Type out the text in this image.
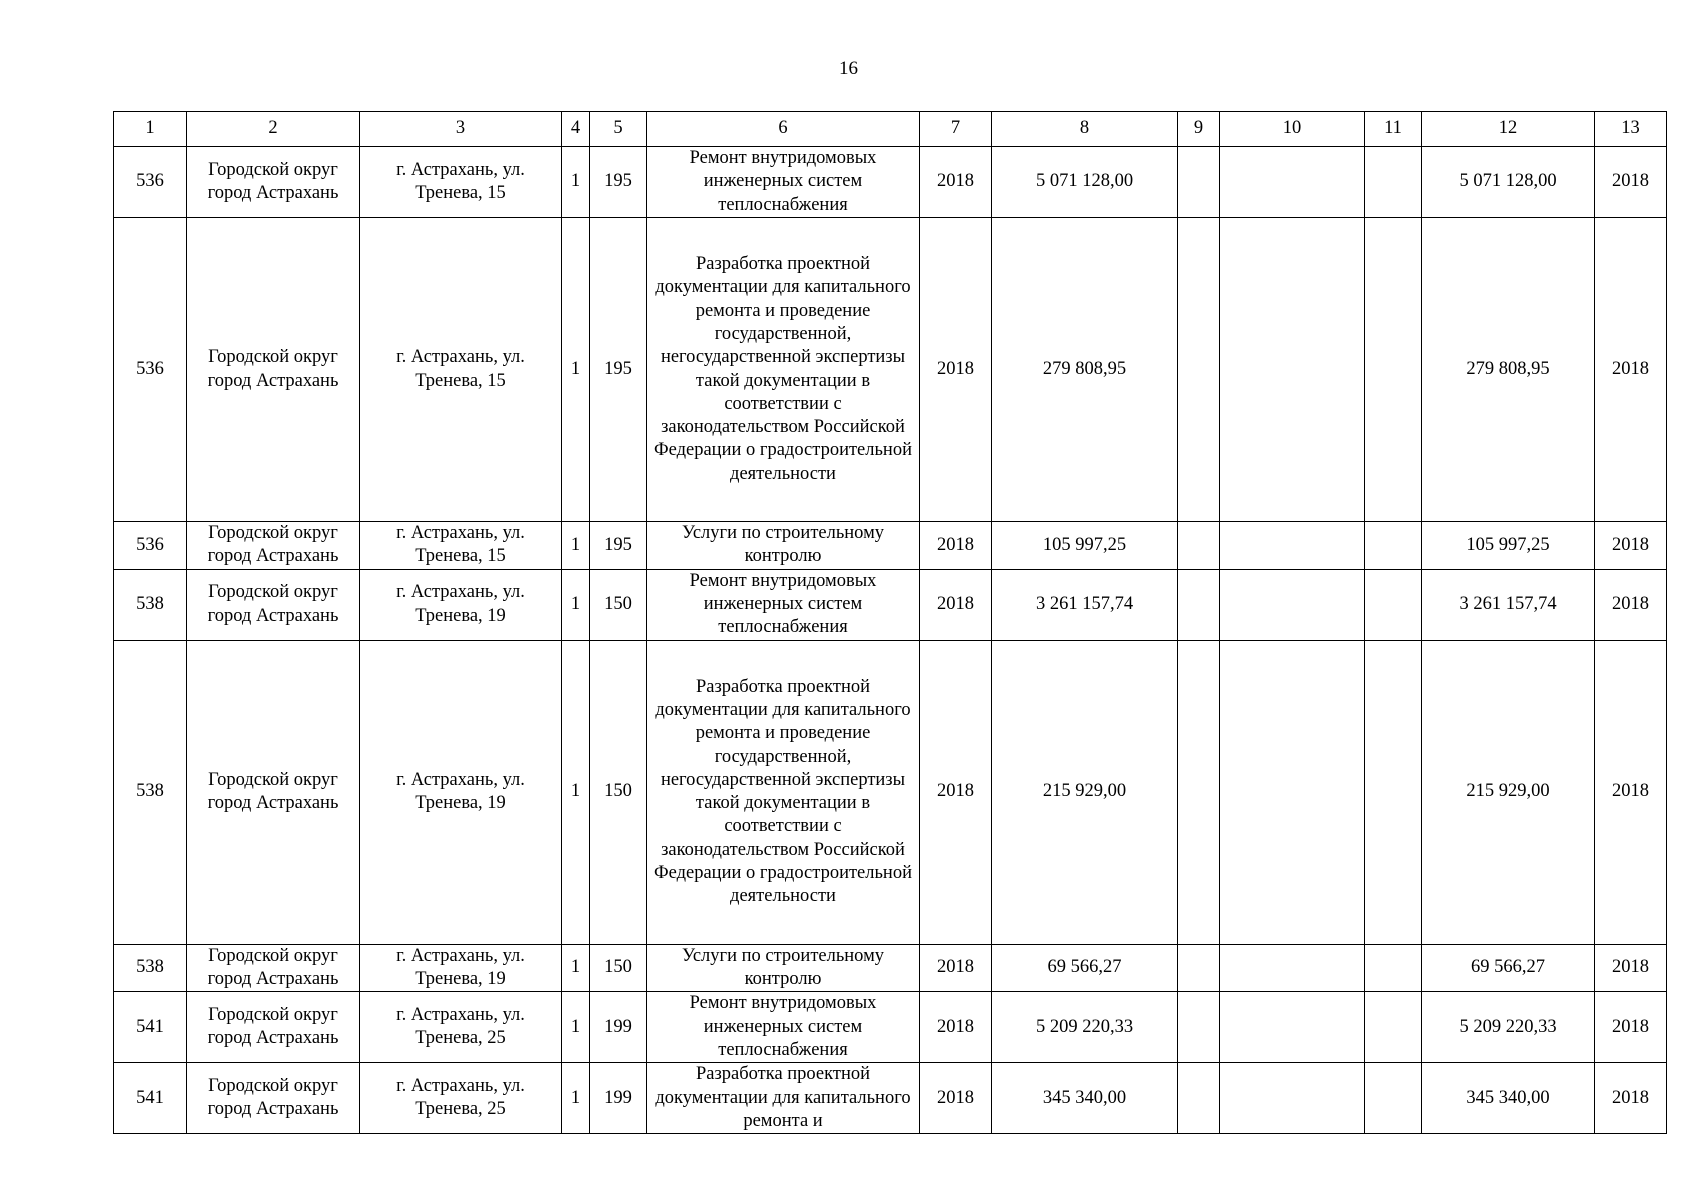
16
1	2	3	4	5	6	7	8	9	10	11	12	13
536	Городской округ город Астрахань	г. Астрахань, ул. Тренева, 15	1	195	Ремонт внутридомовых инженерных систем теплоснабжения	2018	5 071 128,00				5 071 128,00	2018
536	Городской округ город Астрахань	г. Астрахань, ул. Тренева, 15	1	195	Разработка проектной документации для капитального ремонта и проведение государственной, негосударственной экспертизы такой документации в соответствии с законодательством Российской Федерации о градостроительной деятельности	2018	279 808,95				279 808,95	2018
536	Городской округ город Астрахань	г. Астрахань, ул. Тренева, 15	1	195	Услуги по строительному контролю	2018	105 997,25				105 997,25	2018
538	Городской округ город Астрахань	г. Астрахань, ул. Тренева, 19	1	150	Ремонт внутридомовых инженерных систем теплоснабжения	2018	3 261 157,74				3 261 157,74	2018
538	Городской округ город Астрахань	г. Астрахань, ул. Тренева, 19	1	150	Разработка проектной документации для капитального ремонта и проведение государственной, негосударственной экспертизы такой документации в соответствии с законодательством Российской Федерации о градостроительной деятельности	2018	215 929,00				215 929,00	2018
538	Городской округ город Астрахань	г. Астрахань, ул. Тренева, 19	1	150	Услуги по строительному контролю	2018	69 566,27				69 566,27	2018
541	Городской округ город Астрахань	г. Астрахань, ул. Тренева, 25	1	199	Ремонт внутридомовых инженерных систем теплоснабжения	2018	5 209 220,33				5 209 220,33	2018
541	Городской округ город Астрахань	г. Астрахань, ул. Тренева, 25	1	199	Разработка проектной документации для капитального ремонта и	2018	345 340,00				345 340,00	2018
